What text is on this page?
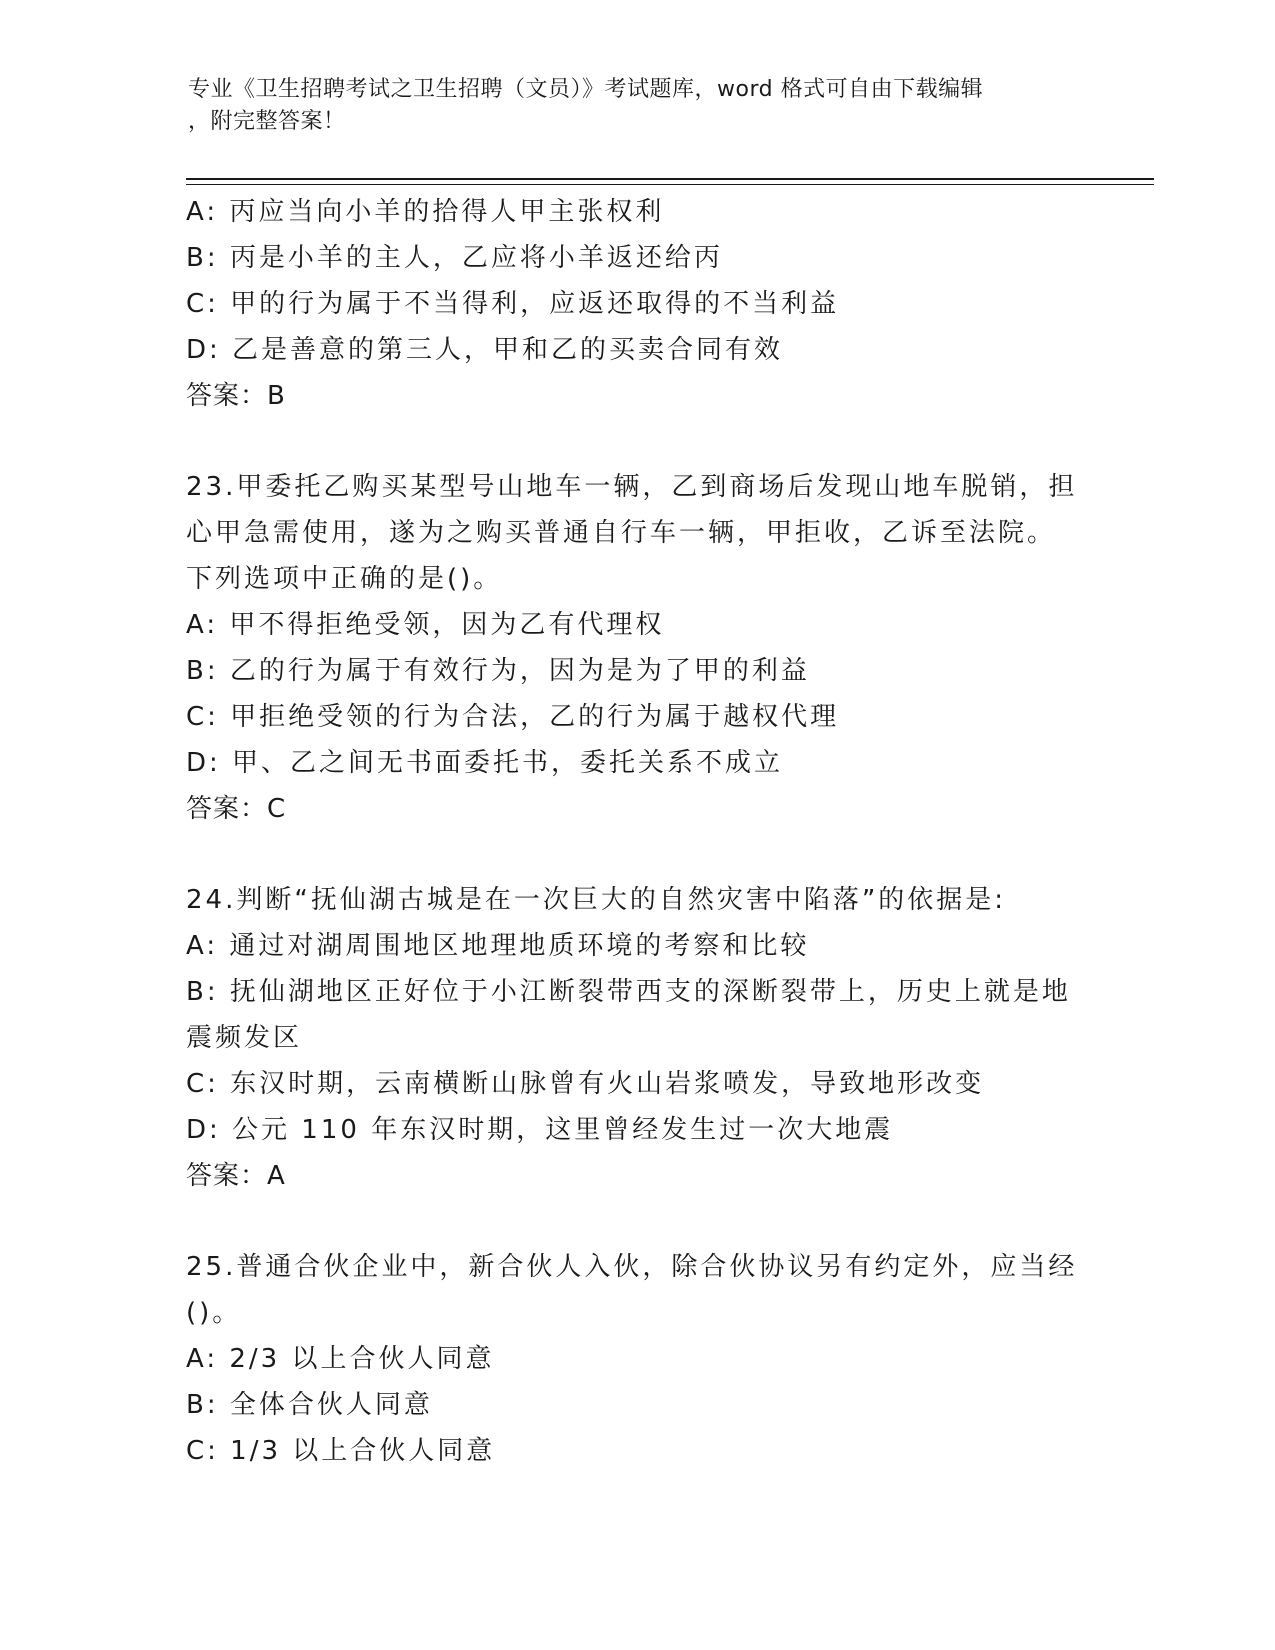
专业《卫生招聘考试之卫生招聘（文员）》考试题库，word 格式可自由下载编辑
，附完整答案！
A: 丙应当向小羊的拾得人甲主张权利
B: 丙是小羊的主人，乙应将小羊返还给丙
C: 甲的行为属于不当得利，应返还取得的不当利益
D: 乙是善意的第三人，甲和乙的买卖合同有效
答案：B
23.甲委托乙购买某型号山地车一辆，乙到商场后发现山地车脱销，担
心甲急需使用，遂为之购买普通自行车一辆，甲拒收，乙诉至法院。
下列选项中正确的是()。
A: 甲不得拒绝受领，因为乙有代理权
B: 乙的行为属于有效行为，因为是为了甲的利益
C: 甲拒绝受领的行为合法，乙的行为属于越权代理
D: 甲、乙之间无书面委托书，委托关系不成立
答案：C
24.判断“抚仙湖古城是在一次巨大的自然灾害中陷落”的依据是:
A: 通过对湖周围地区地理地质环境的考察和比较
B: 抚仙湖地区正好位于小江断裂带西支的深断裂带上，历史上就是地
震频发区
C: 东汉时期，云南横断山脉曾有火山岩浆喷发，导致地形改变
D: 公元 110 年东汉时期，这里曾经发生过一次大地震
答案：A
25.普通合伙企业中，新合伙人入伙，除合伙协议另有约定外，应当经
()。
A: 2/3 以上合伙人同意
B: 全体合伙人同意
C: 1/3 以上合伙人同意
